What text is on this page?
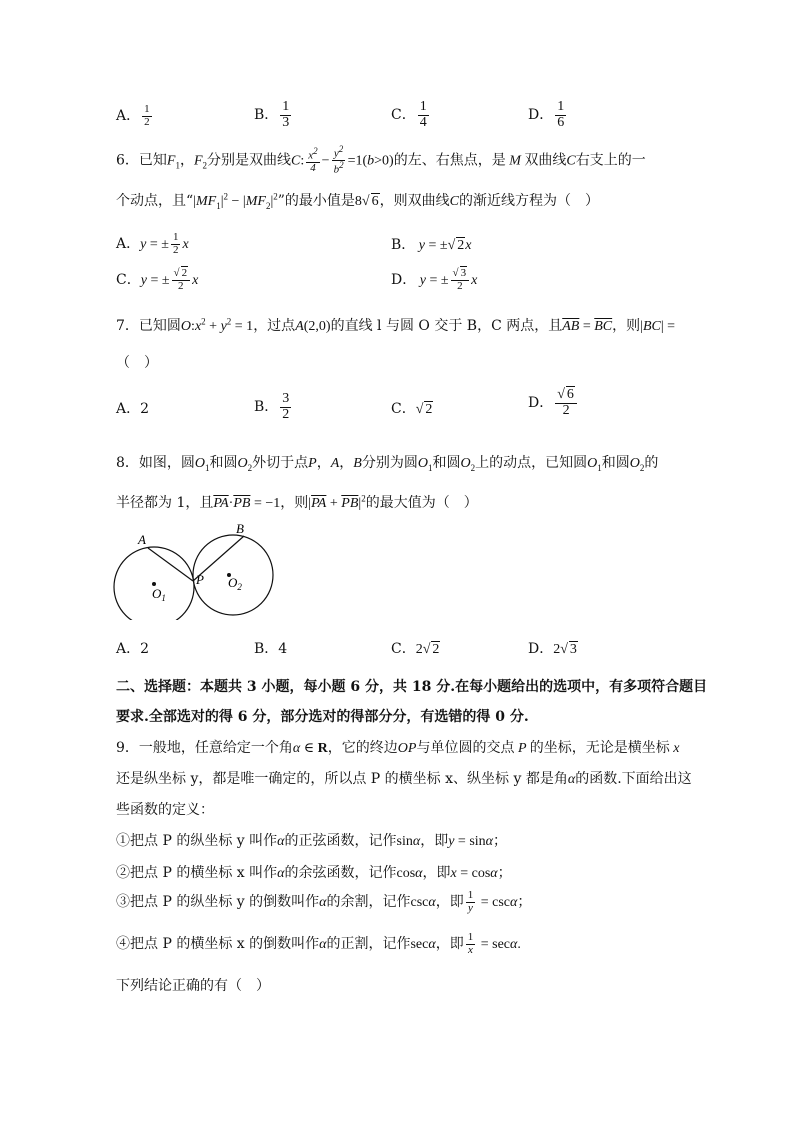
A． $\frac{1}{2}$	B． $\frac{1}{3}$	C． $\frac{1}{4}$	D． $\frac{1}{6}$
6．已知$F_1$，$F_2$分别是双曲线C: $\frac{x^2}{4} - \frac{y^2}{b^2} =1(b>0)$的左、右焦点，是 M 双曲线C右支上的一
个动点，且“$|MF_1|^2 - |MF_2|^2$”的最小值是8√ 6，则双曲线C的渐近线方程为（　）
A．y = ± $\frac{1}{2}$ x	B． y = ±√ 2x
C．y = ± $\frac{√ 2}{2}$ x	D． y = ± $\frac{√ 3}{2}$ x
7．已知圆$O:x^2 + y^2 = 1$，过点A(2,0)的直线 l 与圆 O 交于 B，C 两点，且$\overline{AB} = \overline{BC}$，则|BC| =
（　）
A．2	B． $\frac{3}{2}$	C．√ 2	D． $\frac{√ 6}{2}$
8．如图，圆$O_1$和圆$O_2$外切于点P，A，B分别为圆$O_1$和圆$O_2$上的动点，已知圆$O_1$和圆$O_2$的
半径都为 1，且$\overline{PA}\cdot\overline{PB} = -1$，则$|\overline{PA} + \overline{PB}|^2$的最大值为（　）
A
B
P
$O_1$
$O_2$
A．2	B．4	C．2√ 2	D．2√ 3
二、选择题：本题共 3 小题，每小题 6 分，共 18 分.在每小题给出的选项中，有多项符合题目
要求.全部选对的得 6 分，部分选对的得部分分，有选错的得 0 分.
9．一般地，任意给定一个角α ∈ R，它的终边OP与单位圆的交点 P 的坐标，无论是横坐标 x
还是纵坐标 y，都是唯一确定的，所以点 P 的横坐标 x、纵坐标 y 都是角α的函数.下面给出这
些函数的定义：
①把点 P 的纵坐标 y 叫作α的正弦函数，记作sinα，即y = sinα；
②把点 P 的横坐标 x 叫作α的余弦函数，记作cosα，即x = cosα；
③把点 P 的纵坐标 y 的倒数叫作α的余割，记作cscα，即 $\frac{1}{y} = \csc\alpha$；
④把点 P 的横坐标 x 的倒数叫作α的正割，记作secα，即 $\frac{1}{x} = \sec\alpha$.
下列结论正确的有（　）
